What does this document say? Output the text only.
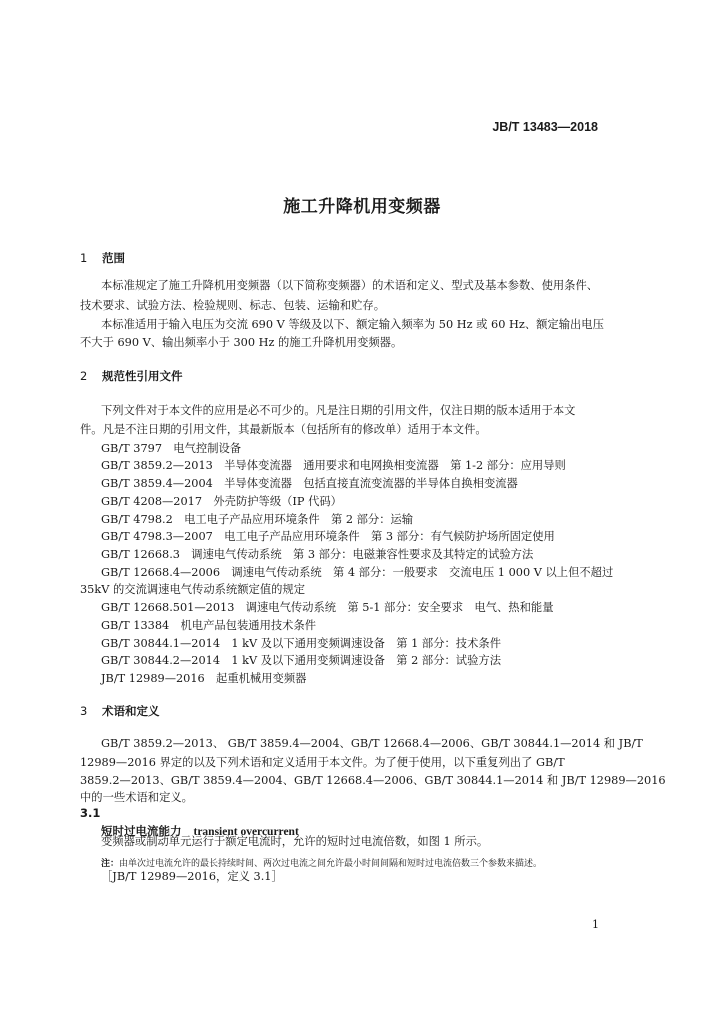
JB/T 13483—2018
施工升降机用变频器
1 范围
本标准规定了施工升降机用变频器（以下简称变频器）的术语和定义、型式及基本参数、使用条件、
技术要求、试验方法、检验规则、标志、包装、运输和贮存。
本标准适用于输入电压为交流 690 V 等级及以下、额定输入频率为 50 Hz 或 60 Hz、额定输出电压
不大于 690 V、输出频率小于 300 Hz 的施工升降机用变频器。
2 规范性引用文件
下列文件对于本文件的应用是必不可少的。凡是注日期的引用文件，仅注日期的版本适用于本文
件。凡是不注日期的引用文件，其最新版本（包括所有的修改单）适用于本文件。
GB/T 3797　电气控制设备
GB/T 3859.2—2013　半导体变流器　通用要求和电网换相变流器　第 1-2 部分：应用导则
GB/T 3859.4—2004　半导体变流器　包括直接直流变流器的半导体自换相变流器
GB/T 4208—2017　外壳防护等级（IP 代码）
GB/T 4798.2　电工电子产品应用环境条件　第 2 部分：运输
GB/T 4798.3—2007　电工电子产品应用环境条件　第 3 部分：有气候防护场所固定使用
GB/T 12668.3　调速电气传动系统　第 3 部分：电磁兼容性要求及其特定的试验方法
GB/T 12668.4—2006　调速电气传动系统　第 4 部分：一般要求　交流电压 1 000 V 以上但不超过
35kV 的交流调速电气传动系统额定值的规定
GB/T 12668.501—2013　调速电气传动系统　第 5-1 部分：安全要求　电气、热和能量
GB/T 13384　机电产品包装通用技术条件
GB/T 30844.1—2014　1 kV 及以下通用变频调速设备　第 1 部分：技术条件
GB/T 30844.2—2014　1 kV 及以下通用变频调速设备　第 2 部分：试验方法
JB/T 12989—2016　起重机械用变频器
3 术语和定义
GB/T 3859.2—2013、 GB/T 3859.4—2004、GB/T 12668.4—2006、GB/T 30844.1—2014 和 JB/T
12989—2016 界定的以及下列术语和定义适用于本文件。为了便于使用，以下重复列出了 GB/T
3859.2—2013、GB/T 3859.4—2004、GB/T 12668.4—2006、GB/T 30844.1—2014 和 JB/T 12989—2016
中的一些术语和定义。
3.1
短时过电流能力 transient overcurrent
变频器或制动单元运行于额定电流时，允许的短时过电流倍数，如图 1 所示。
注：由单次过电流允许的最长持续时间、两次过电流之间允许最小时间间隔和短时过电流倍数三个参数来描述。
［JB/T 12989—2016，定义 3.1］
1
